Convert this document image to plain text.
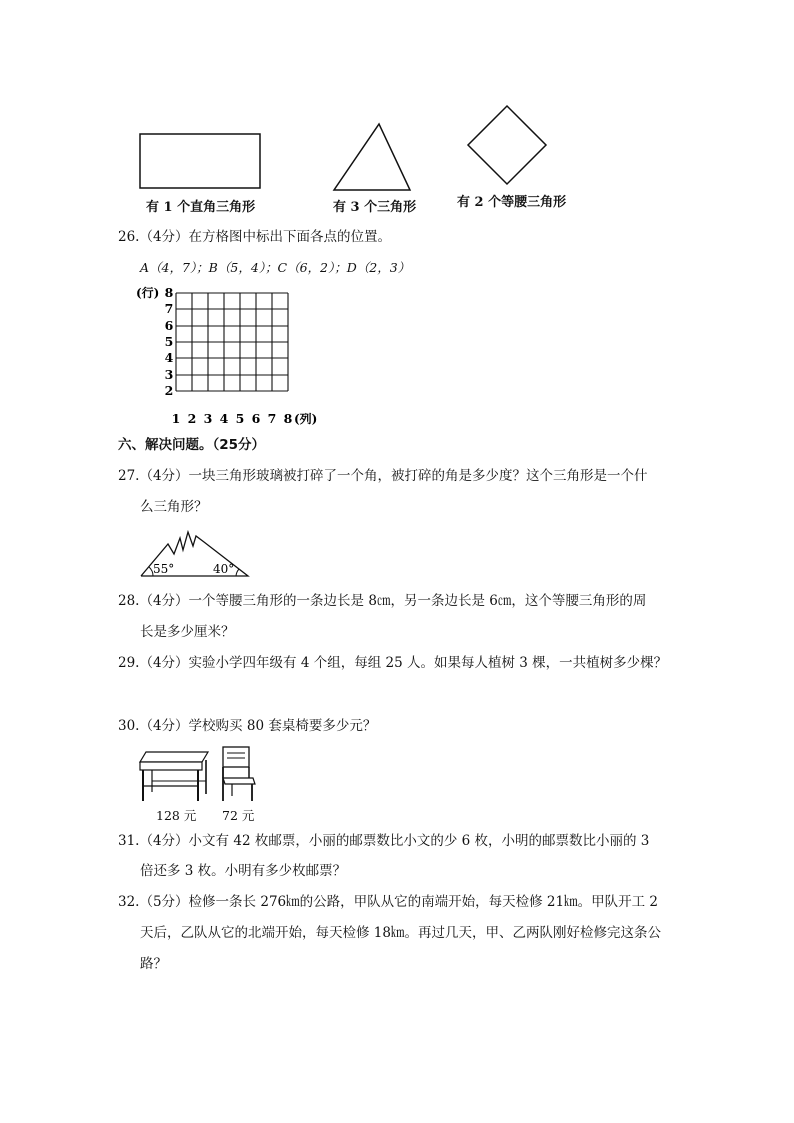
有 1 个直角三角形	有 3 个三角形	有 2 个等腰三角形
26.（4分）在方格图中标出下面各点的位置。
A（4，7）；B（5，4）；C（6，2）；D（2，3）
(行) 8
7
6
5
4
3
2
1 2 3 4 5 6 7 8 (列)
六、解决问题。（25分）
27.（4分）一块三角形玻璃被打碎了一个角，被打碎的角是多少度？这个三角形是一个什
么三角形？
55°	40°
28.（4分）一个等腰三角形的一条边长是 8㎝，另一条边长是 6㎝，这个等腰三角形的周
长是多少厘米？
29.（4分）实验小学四年级有 4 个组，每组 25 人。如果每人植树 3 棵，一共植树多少棵？
30.（4分）学校购买 80 套桌椅要多少元？
128 元 72 元
31.（4分）小文有 42 枚邮票，小丽的邮票数比小文的少 6 枚，小明的邮票数比小丽的 3
倍还多 3 枚。小明有多少枚邮票？
32.（5分）检修一条长 276㎞的公路，甲队从它的南端开始，每天检修 21㎞。甲队开工 2
天后，乙队从它的北端开始，每天检修 18㎞。再过几天，甲、乙两队刚好检修完这条公
路？
